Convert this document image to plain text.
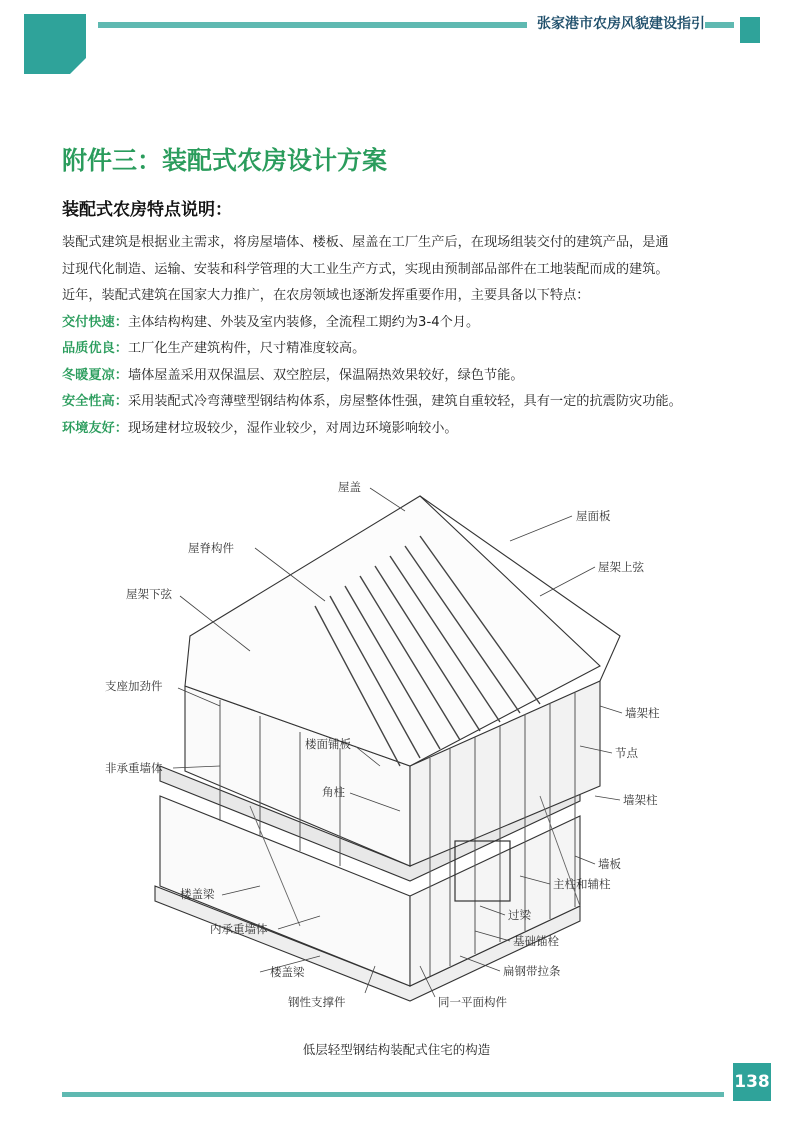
张家港市农房风貌建设指引
附件三：装配式农房设计方案
装配式农房特点说明：

装配式建筑是根据业主需求，将房屋墙体、楼板、屋盖在工厂生产后，在现场组装交付的建筑产品，是通

过现代化制造、运输、安装和科学管理的大工业生产方式，实现由预制部品部件在工地装配而成的建筑。

近年，装配式建筑在国家大力推广，在农房领域也逐渐发挥重要作用，主要具备以下特点：

交付快速：主体结构构建、外装及室内装修，全流程工期约为3-4个月。

品质优良：工厂化生产建筑构件，尺寸精准度较高。

冬暖夏凉：墙体屋盖采用双保温层、双空腔层，保温隔热效果较好，绿色节能。

安全性高：采用装配式冷弯薄壁型钢结构体系，房屋整体性强，建筑自重较轻，具有一定的抗震防灾功能。

环境友好：现场建材垃圾较少，湿作业较少，对周边环境影响较小。

屋盖
屋面板
屋脊构件
屋架上弦
屋架下弦
支座加劲件
墙架柱
楼面铺板
节点
非承重墙体
角柱
墙架柱
墙板
主柱和辅柱
楼盖梁
过梁
内承重墙体
基础锚栓
楼盖梁	扁钢带拉条
钢性支撑件	同一平面构件
低层轻型钢结构装配式住宅的构造
138
